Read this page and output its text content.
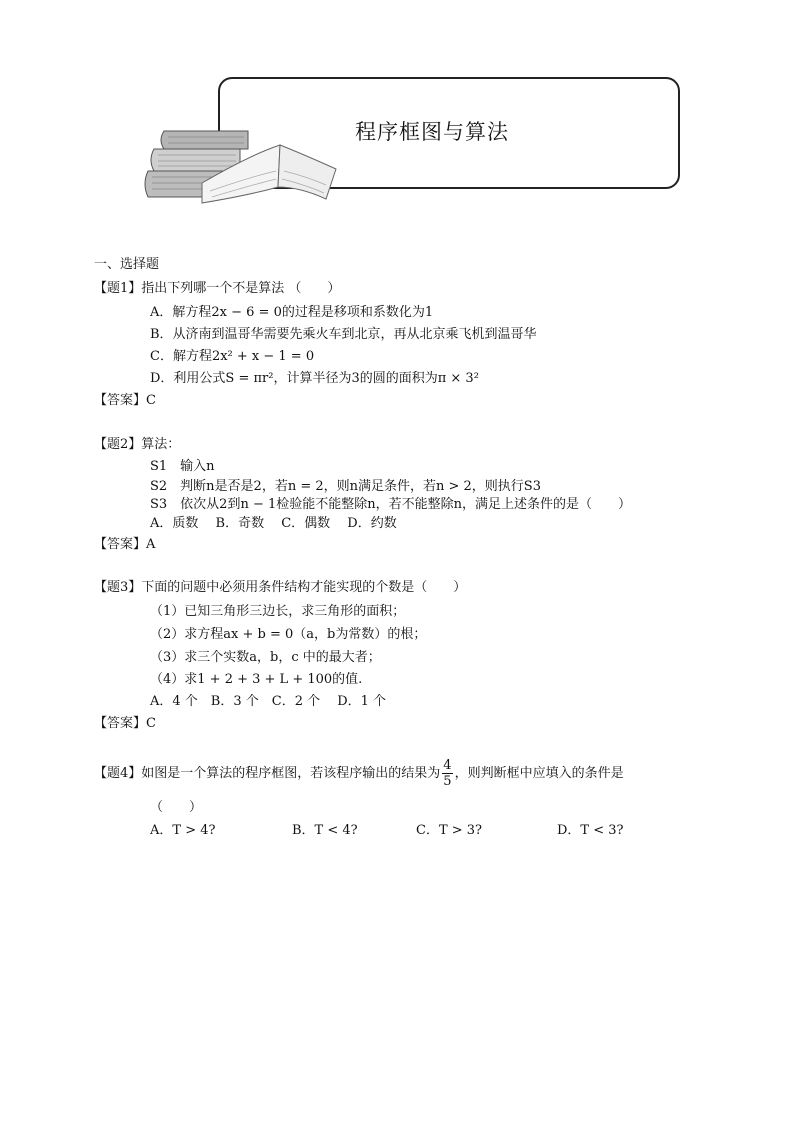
程序框图与算法
一、选择题
【题1】指出下列哪一个不是算法 （　　）
A．解方程2x − 6 = 0的过程是移项和系数化为1
B．从济南到温哥华需要先乘火车到北京，再从北京乘飞机到温哥华
C．解方程2x² + x − 1 = 0
D．利用公式S = πr²，计算半径为3的圆的面积为π × 3²
【答案】C
【题2】算法：
S1　输入n
S2　判断n是否是2，若n = 2，则n满足条件，若n > 2，则执行S3
S3　依次从2到n − 1检验能不能整除n，若不能整除n，满足上述条件的是（　　）
A．质数　 B．奇数　 C．偶数　 D．约数
【答案】A
【题3】下面的问题中必须用条件结构才能实现的个数是（　　）
（1）已知三角形三边长，求三角形的面积；
（2）求方程ax + b = 0（a，b为常数）的根；
（3）求三个实数a，b，c 中的最大者；
（4）求1 + 2 + 3 + L + 100的值.
A．4 个　B．3 个　C．2 个　 D．1 个
【答案】C
【题4】如图是一个算法的程序框图，若该程序输出的结果为 $\frac{4}{5}$ ，则判断框中应填入的条件是
（　　）
A．T > 4?	B．T < 4?	C．T > 3?	D．T < 3?
